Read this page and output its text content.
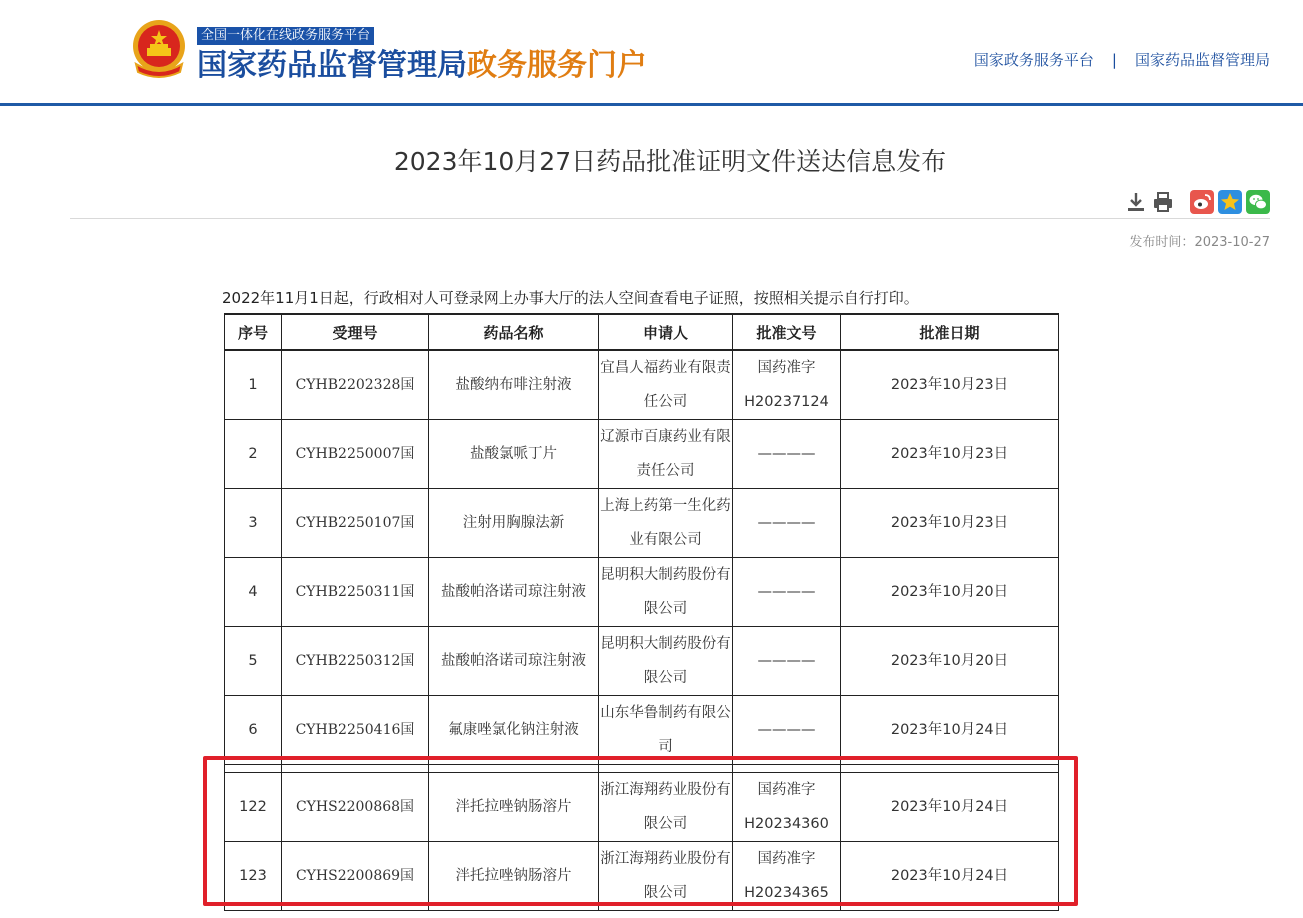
全国一体化在线政务服务平台
国家药品监督管理局政务服务门户	国家政务服务平台 | 国家药品监督管理局
2023年10月27日药品批准证明文件送达信息发布
发布时间：2023-10-27
2022年11月1日起，行政相对人可登录网上办事大厅的法人空间查看电子证照，按照相关提示自行打印。
序号	受理号	药品名称	申请人	批准文号	批准日期
1	CYHB2202328国	盐酸纳布啡注射液	宜昌人福药业有限责任公司	国药准字H20237124	2023年10月23日
2	CYHB2250007国	盐酸氯哌丁片	辽源市百康药业有限责任公司	————	2023年10月23日
3	CYHB2250107国	注射用胸腺法新	上海上药第一生化药业有限公司	————	2023年10月23日
4	CYHB2250311国	盐酸帕洛诺司琼注射液	昆明积大制药股份有限公司	————	2023年10月20日
5	CYHB2250312国	盐酸帕洛诺司琼注射液	昆明积大制药股份有限公司	————	2023年10月20日
6	CYHB2250416国	氟康唑氯化钠注射液	山东华鲁制药有限公司	————	2023年10月24日

122	CYHS2200868国	泮托拉唑钠肠溶片	浙江海翔药业股份有限公司	国药准字H20234360	2023年10月24日
123	CYHS2200869国	泮托拉唑钠肠溶片	浙江海翔药业股份有限公司	国药准字H20234365	2023年10月24日
